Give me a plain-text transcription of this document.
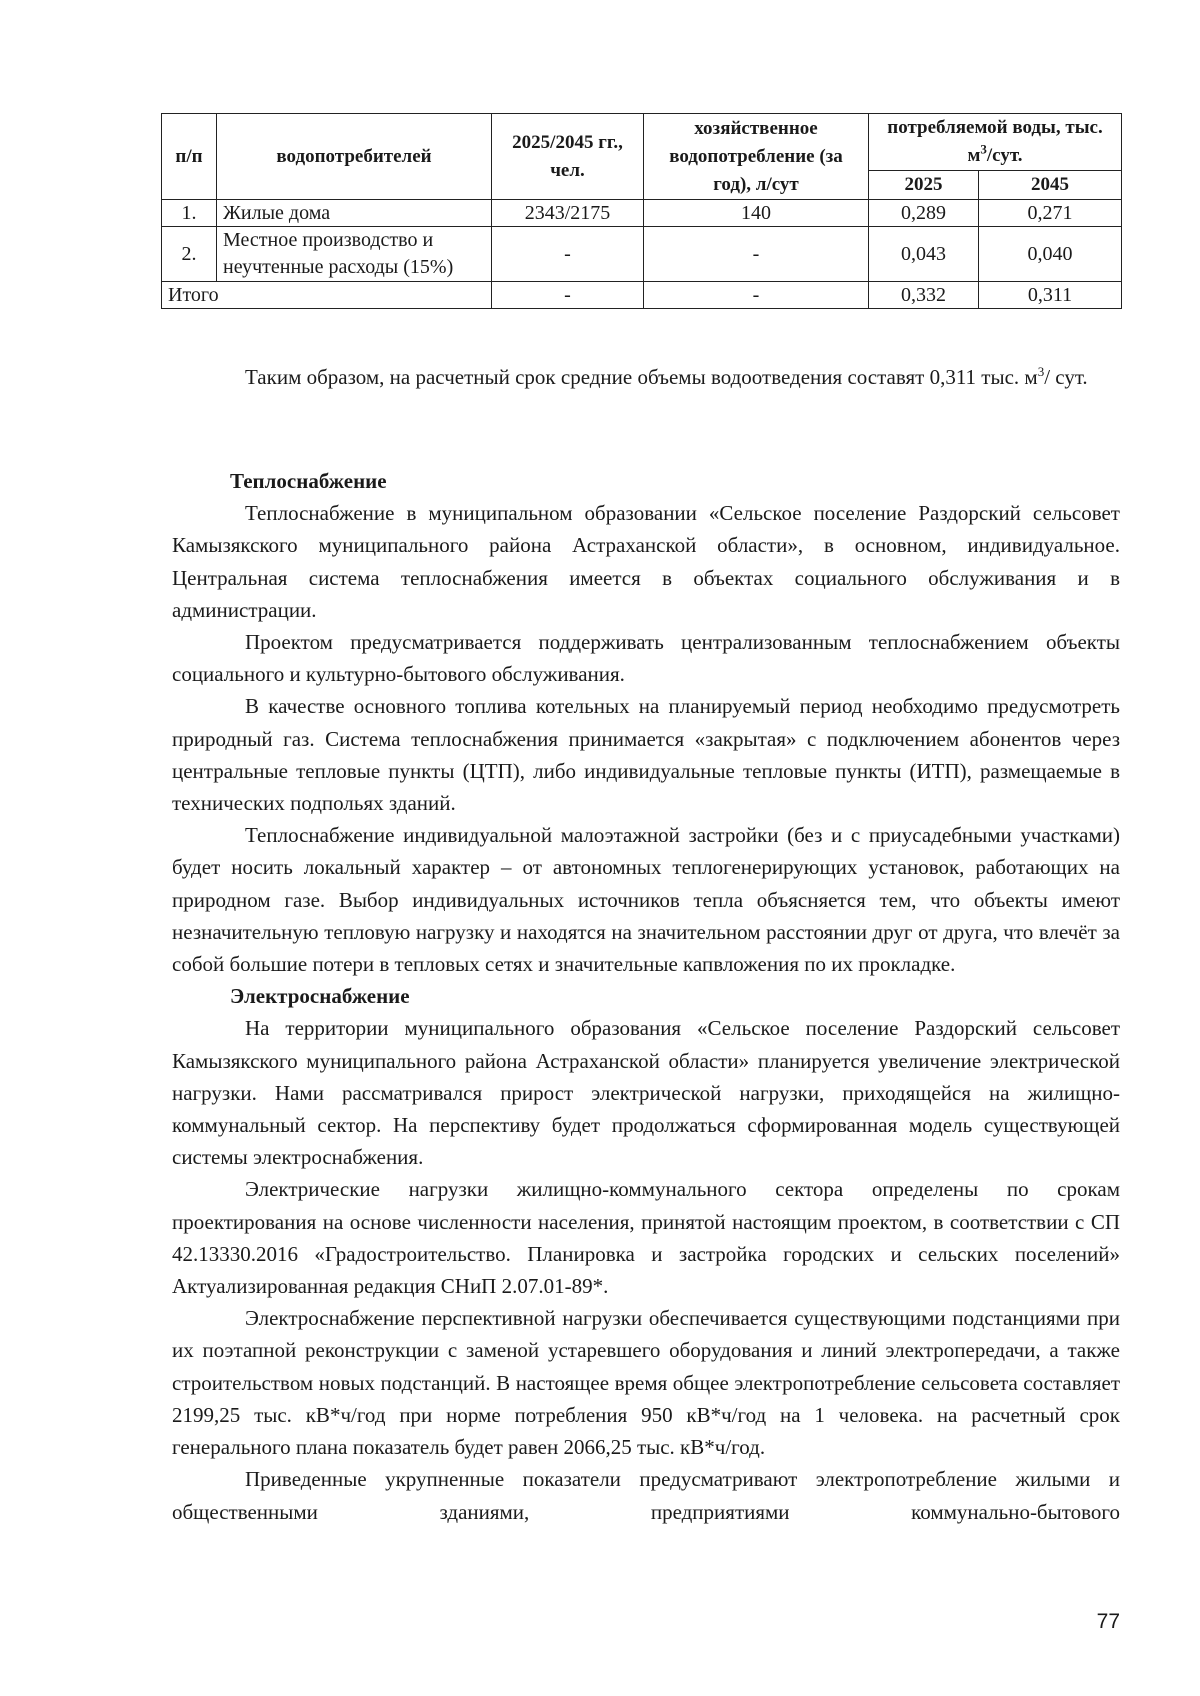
п/п	водопотребителей	2025/2045 гг., чел.	хозяйственное водопотребление (за год), л/сут	потребляемой воды, тыс. $м^3$/сут.	
				2025	2045
1.	Жилые дома	2343/2175	140	0,289	0,271
2.	Местное производство и неучтенные расходы (15%)	-	-	0,043	0,040
Итого		-	-	0,332	0,311

Таким образом, на расчетный срок средние объемы водоотведения составят 0,311 тыс. $м^3/$ сут.

Теплоснабжение

Теплоснабжение в муниципальном образовании «Сельское поселение Раздорский сельсовет Камызякского муниципального района Астраханской области», в основном, индивидуальное. Центральная система теплоснабжения имеется в объектах социального обслуживания и в администрации.

Проектом предусматривается поддерживать централизованным теплоснабжением объекты социального и культурно-бытового обслуживания.

В качестве основного топлива котельных на планируемый период необходимо предусмотреть природный газ. Система теплоснабжения принимается «закрытая» с подключением абонентов через центральные тепловые пункты (ЦТП), либо индивидуальные тепловые пункты (ИТП), размещаемые в технических подпольях зданий.

Теплоснабжение индивидуальной малоэтажной застройки (без и с приусадебными участками) будет носить локальный характер – от автономных теплогенерирующих установок, работающих на природном газе. Выбор индивидуальных источников тепла объясняется тем, что объекты имеют незначительную тепловую нагрузку и находятся на значительном расстоянии друг от друга, что влечёт за собой большие потери в тепловых сетях и значительные капвложения по их прокладке.

Электроснабжение

На территории муниципального образования «Сельское поселение Раздорский сельсовет Камызякского муниципального района Астраханской области» планируется увеличение электрической нагрузки. Нами рассматривался прирост электрической нагрузки, приходящейся на жилищно-коммунальный сектор. На перспективу будет продолжаться сформированная модель существующей системы электроснабжения.

Электрические нагрузки жилищно-коммунального сектора определены по срокам проектирования на основе численности населения, принятой настоящим проектом, в соответствии с СП 42.13330.2016 «Градостроительство. Планировка и застройка городских и сельских поселений» Актуализированная редакция СНиП 2.07.01-89*.

Электроснабжение перспективной нагрузки обеспечивается существующими подстанциями при их поэтапной реконструкции с заменой устаревшего оборудования и линий электропередачи, а также строительством новых подстанций. В настоящее время общее электропотребление сельсовета составляет 2199,25 тыс. кВ*ч/год при норме потребления 950 кВ*ч/год на 1 человека. на расчетный срок генерального плана показатель будет равен 2066,25 тыс. кВ*ч/год.

Приведенные укрупненные показатели предусматривают электропотребление жилыми и общественными зданиями, предприятиями коммунально-бытового

77
